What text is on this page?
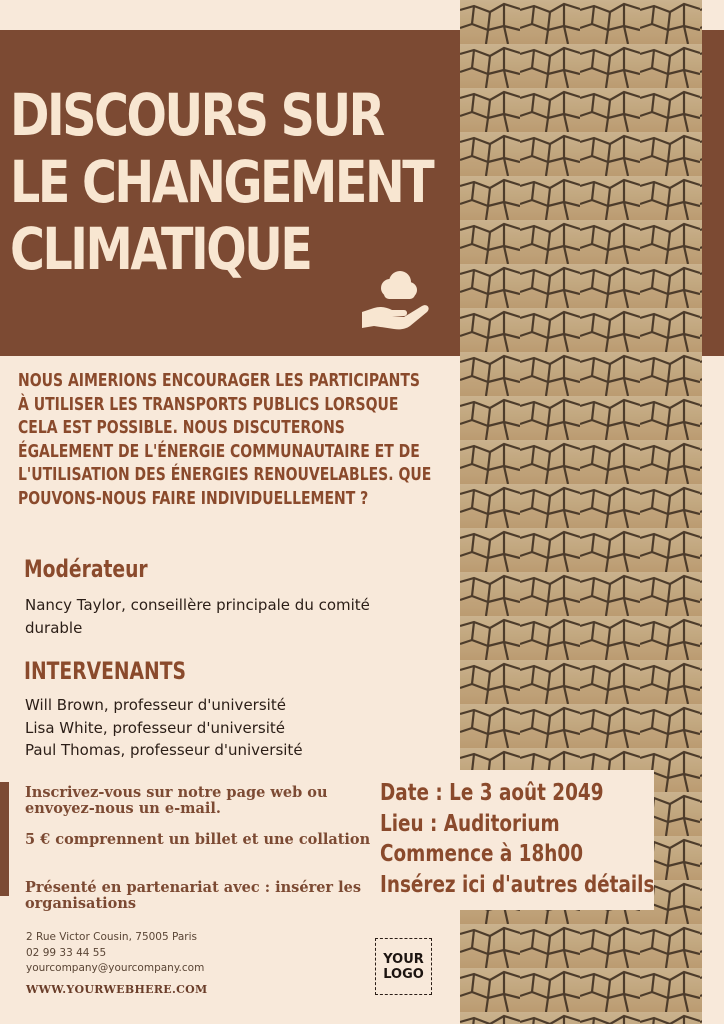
DISCOURS SUR
LE CHANGEMENT
CLIMATIQUE
NOUS AIMERIONS ENCOURAGER LES PARTICIPANTS À UTILISER LES TRANSPORTS PUBLICS LORSQUE CELA EST POSSIBLE. NOUS DISCUTERONS ÉGALEMENT DE L'ÉNERGIE COMMUNAUTAIRE ET DE L'UTILISATION DES ÉNERGIES RENOUVELABLES. QUE POUVONS-NOUS FAIRE INDIVIDUELLEMENT ?
Modérateur
Nancy Taylor, conseillère principale du comité durable
INTERVENANTS
Will Brown, professeur d'université
Lisa White, professeur d'université
Paul Thomas, professeur d'université
Inscrivez-vous sur notre page web ou envoyez-nous un e-mail.
5 € comprennent un billet et une collation
Présenté en partenariat avec : insérer les organisations
Date : Le 3 août 2049
Lieu : Auditorium
Commence à 18h00
Insérez ici d'autres détails
2 Rue Victor Cousin, 75005 Paris
02 99 33 44 55
yourcompany@yourcompany.com
WWW.YOURWEBHERE.COM
YOUR
LOGO
